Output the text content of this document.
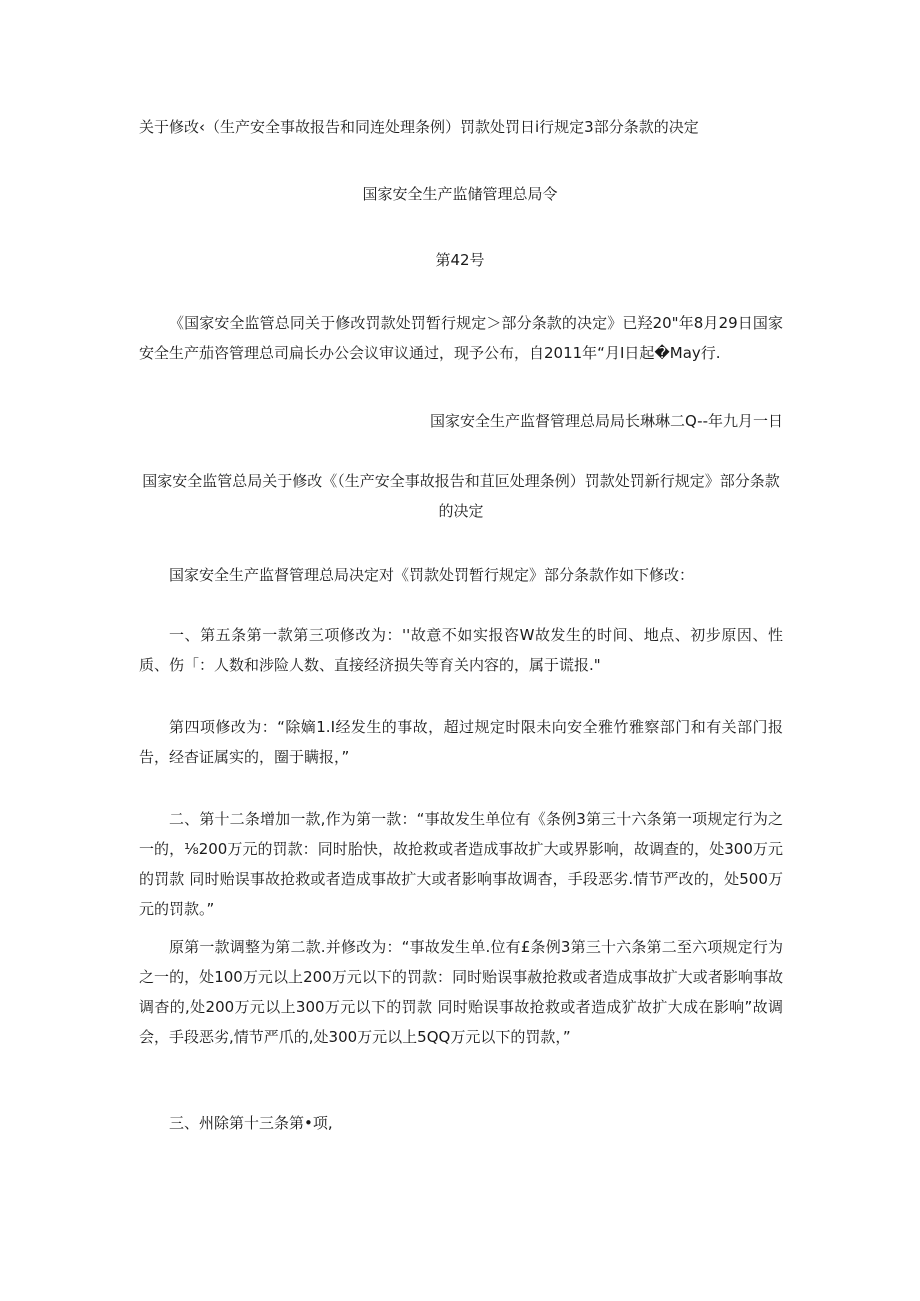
关于修改‹（生产安全事故报告和同连处理条例）罚款处罚日i行规定3部分条款的决定

国家安全生产监储管理总局令

第42号

《国家安全监管总同关于修改罚款处罚暂行规定＞部分条款的决定》已羟20"年8月29日国家安全生产茄咨管理总司扁长办公会议审议通过，现予公布，自2011年“月I日起�May行.

国家安全生产监督管理总局局长琳琳二Q--年九月一日

国家安全监管总局关于修改《（生产安全事故报告和苴叵处理条例）罚款处罚新行规定》部分条款的决定

国家安全生产监督管理总局决定对《罚款处罚暂行规定》部分条款作如下修改：

一、第五条第一款第三项修改为：''故意不如实报咨W故发生的时间、地点、初步原因、性质、伤「：人数和涉险人数、直接经济损失等育关内容的，属于谎报."

第四项修改为：“除嫡1.I经发生的事故，超过规定时限未向安全雅竹雅察部门和有关部门报告，经杳证属实的，圈于瞒报，”

二、第十二条增加一款,作为第一款：“事故发生单位有《条例3第三十六条第一项规定行为之一的，⅛200万元的罚款：同时胎快，故抢救或者造成事故扩大或界影响，故调查的，处300万元的罚款 同时贻误事故抢救或者造成事故扩大或者影响事故调杳，手段恶劣.情节严改的，处500万元的罚款。”

原第一款调整为第二款.并修改为：“事故发生单.位有£条例3第三十六条第二至六项规定行为之一的，处100万元以上200万元以下的罚款：同时贻误事赦抢救或者造成事故扩大或者影响事故调杳的,处200万元以上300万元以下的罚款 同时贻误事故抢救或者造成犷故扩大成在影响”故调会，手段恶劣,情节严爪的,处300万元以上5QQ万元以下的罚款，”

三、州除第十三条第•项,
